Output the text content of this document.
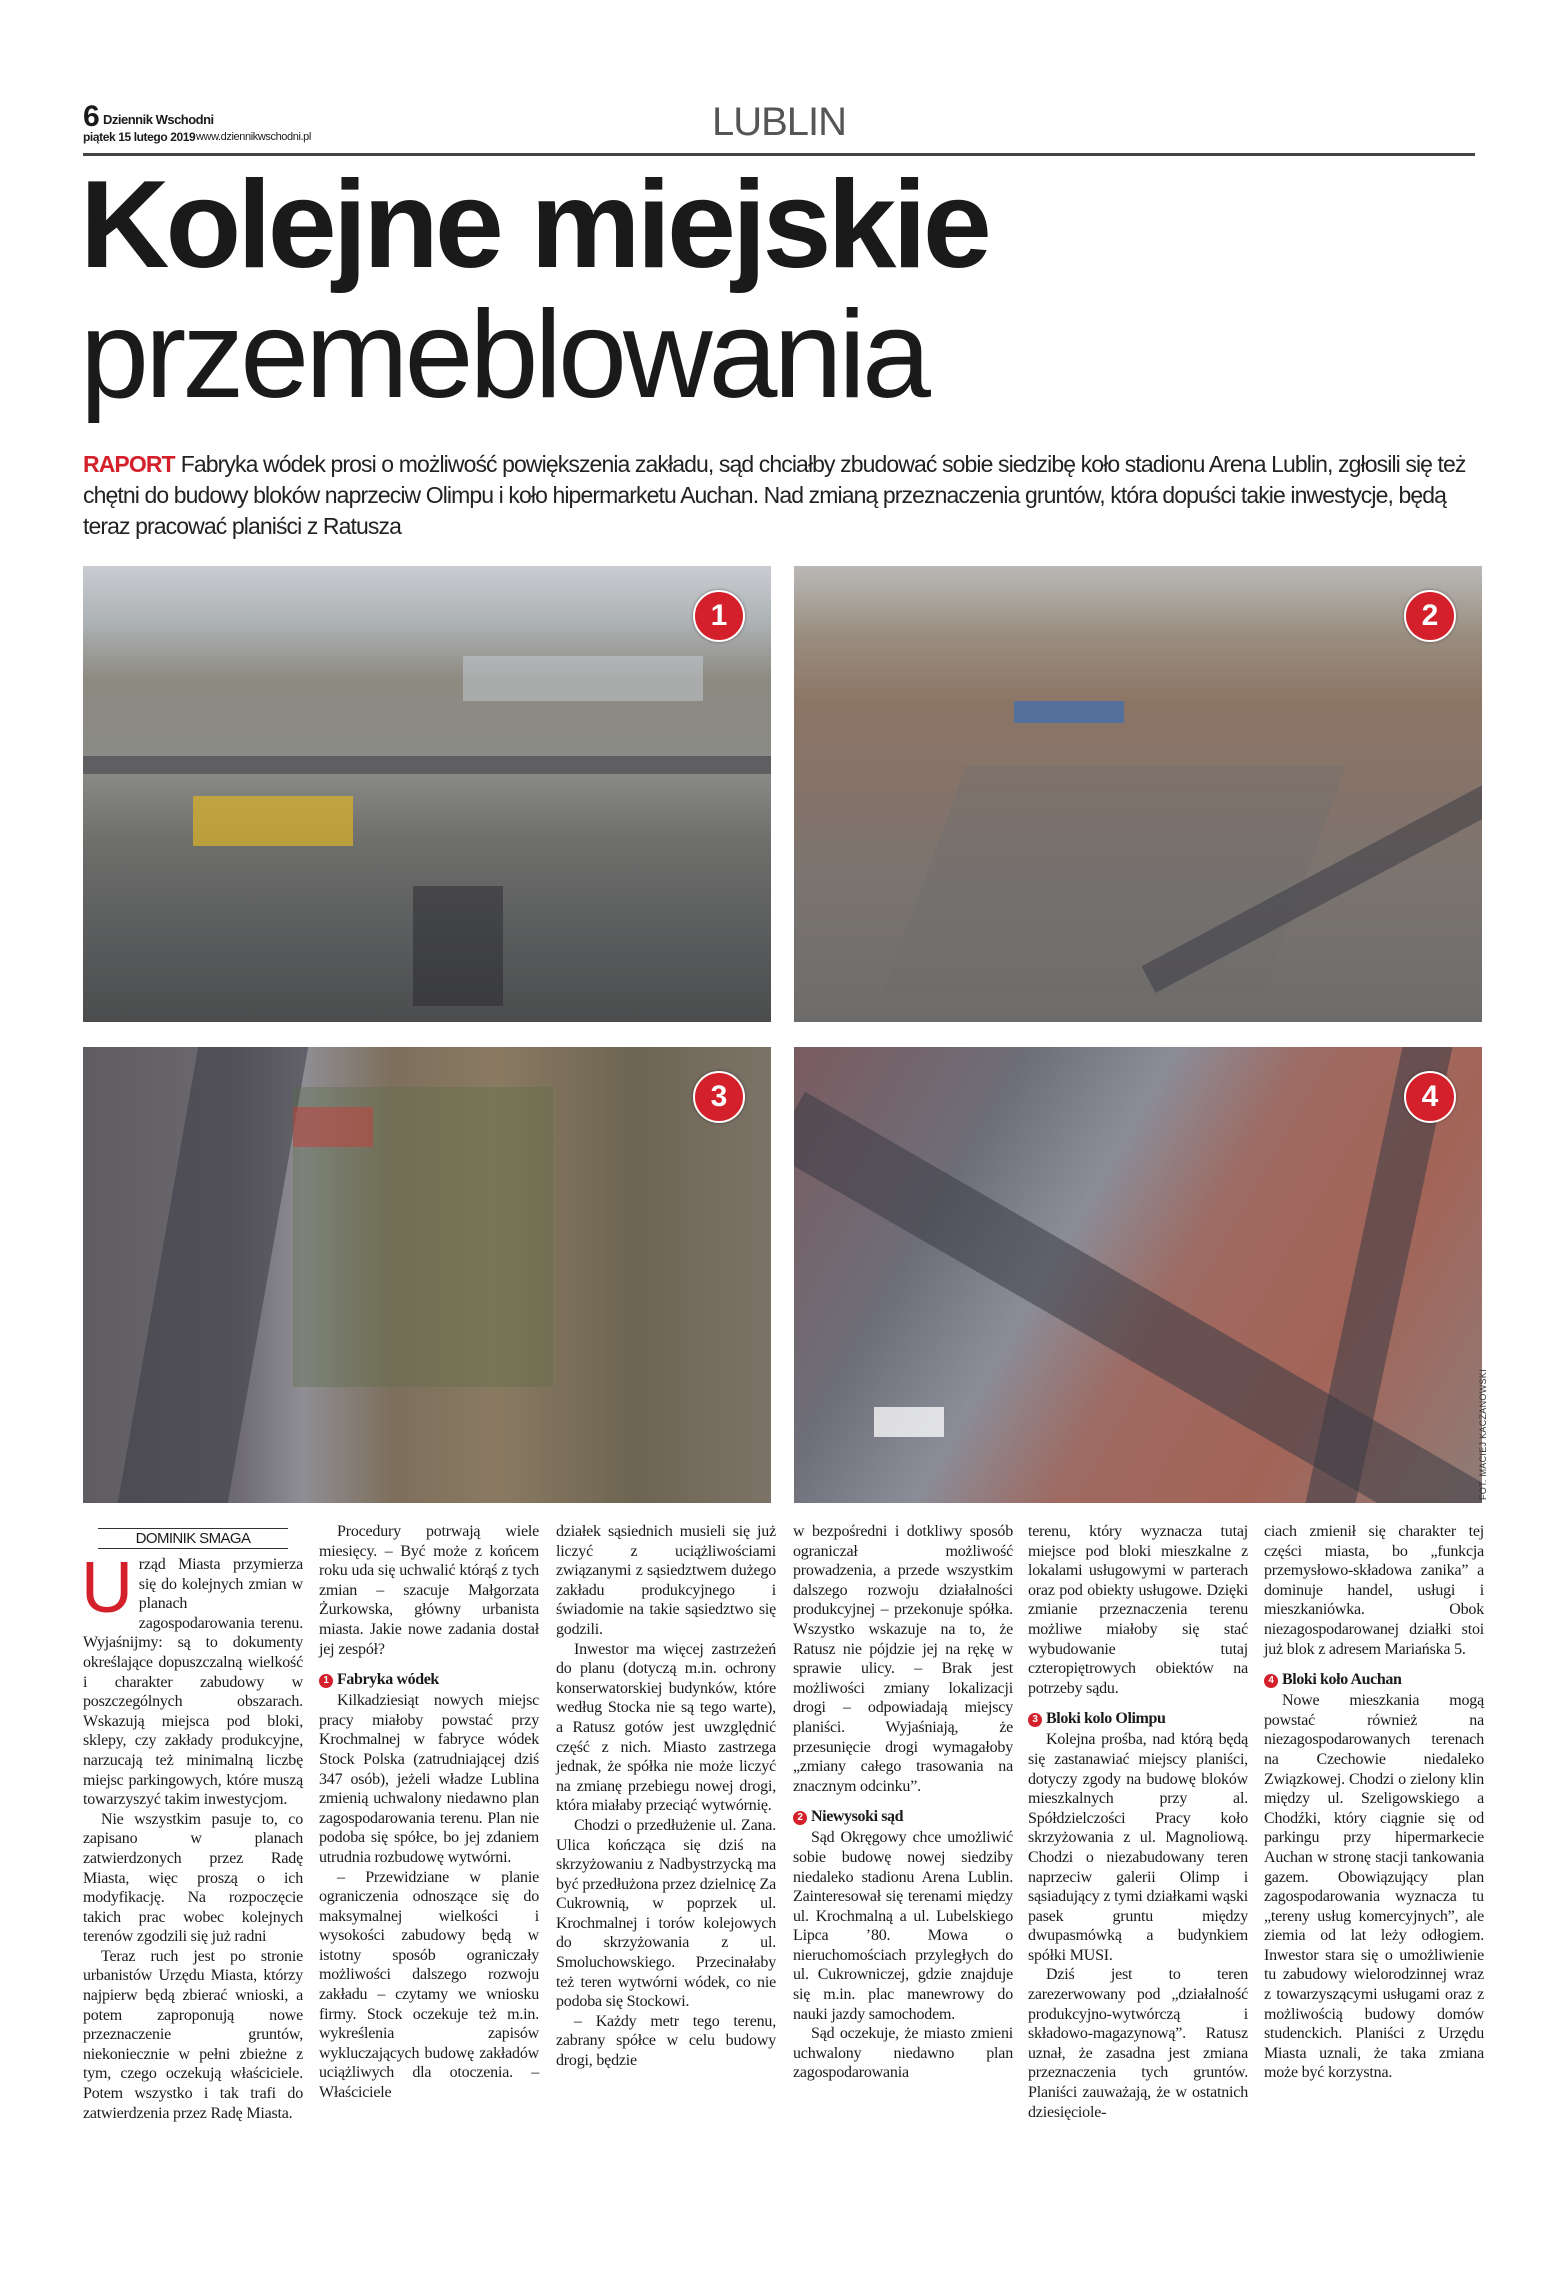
6 Dziennik Wschodni
piątek 15 lutego 2019 www.dziennikwschodni.pl	LUBLIN
Kolejne miejskie
przemeblowania
RAPORT Fabryka wódek prosi o możliwość powiększenia zakładu, sąd chciałby zbudować sobie siedzibę koło stadionu Arena Lublin, zgłosili się też chętni do budowy bloków naprzeciw Olimpu i koło hipermarketu Auchan. Nad zmianą przeznaczenia gruntów, która dopuści takie inwestycje, będą teraz pracować planiści z Ratusza
1	2
3	4
FOT. MACIEJ KACZANOWSKI
DOMINIK SMAGA
U rząd Miasta przymierza się do kolejnych zmian w planach zagospodarowania terenu. Wyjaśnijmy: są to dokumenty określające dopuszczalną wielkość i charakter zabudowy w poszczególnych obszarach. Wskazują miejsca pod bloki, sklepy, czy zakłady produkcyjne, narzucają też minimalną liczbę miejsc parkingowych, które muszą towarzyszyć takim inwestycjom.

Nie wszystkim pasuje to, co zapisano w planach zatwierdzonych przez Radę Miasta, więc proszą o ich modyfikację. Na rozpoczęcie takich prac wobec kolejnych terenów zgodzili się już radni

Teraz ruch jest po stronie urbanistów Urzędu Miasta, którzy najpierw będą zbierać wnioski, a potem zaproponują nowe przeznaczenie gruntów, niekoniecznie w pełni zbieżne z tym, czego oczekują właściciele. Potem wszystko i tak trafi do zatwierdzenia przez Radę Miasta.

Procedury potrwają wiele miesięcy. – Być może z końcem roku uda się uchwalić którąś z tych zmian – szacuje Małgorzata Żurkowska, główny urbanista miasta. Jakie nowe zadania dostał jej zespół?

1 Fabryka wódek

Kilkadziesiąt nowych miejsc pracy miałoby powstać przy Krochmalnej w fabryce wódek Stock Polska (zatrudniającej dziś 347 osób), jeżeli władze Lublina zmienią uchwalony niedawno plan zagospodarowania terenu. Plan nie podoba się spółce, bo jej zdaniem utrudnia rozbudowę wytwórni.

– Przewidziane w planie ograniczenia odnoszące się do maksymalnej wielkości i wysokości zabudowy będą w istotny sposób ograniczały możliwości dalszego rozwoju zakładu – czytamy we wniosku firmy. Stock oczekuje też m.in. wykreślenia zapisów wykluczających budowę zakładów uciążliwych dla otoczenia. – Właściciele

działek sąsiednich musieli się już liczyć z uciążliwościami związanymi z sąsiedztwem dużego zakładu produkcyjnego i świadomie na takie sąsiedztwo się godzili.

Inwestor ma więcej zastrzeżeń do planu (dotyczą m.in. ochrony konserwatorskiej budynków, które według Stocka nie są tego warte), a Ratusz gotów jest uwzględnić część z nich. Miasto zastrzega jednak, że spółka nie może liczyć na zmianę przebiegu nowej drogi, która miałaby przeciąć wytwórnię.

Chodzi o przedłużenie ul. Zana. Ulica kończąca się dziś na skrzyżowaniu z Nadbystrzycką ma być przedłużona przez dzielnicę Za Cukrownią, w poprzek ul. Krochmalnej i torów kolejowych do skrzyżowania z ul. Smoluchowskiego. Przecinałaby też teren wytwórni wódek, co nie podoba się Stockowi.

– Każdy metr tego terenu, zabrany spółce w celu budowy drogi, będzie

w bezpośredni i dotkliwy sposób ograniczał możliwość prowadzenia, a przede wszystkim dalszego rozwoju działalności produkcyjnej – przekonuje spółka. Wszystko wskazuje na to, że Ratusz nie pójdzie jej na rękę w sprawie ulicy. – Brak jest możliwości zmiany lokalizacji drogi – odpowiadają miejscy planiści. Wyjaśniają, że przesunięcie drogi wymagałoby „zmiany całego trasowania na znacznym odcinku”.

2 Niewysoki sąd

Sąd Okręgowy chce umożliwić sobie budowę nowej siedziby niedaleko stadionu Arena Lublin. Zainteresował się terenami między ul. Krochmalną a ul. Lubelskiego Lipca ’80. Mowa o nieruchomościach przyległych do ul. Cukrowniczej, gdzie znajduje się m.in. plac manewrowy do nauki jazdy samochodem.

Sąd oczekuje, że miasto zmieni uchwalony niedawno plan zagospodarowania

terenu, który wyznacza tutaj miejsce pod bloki mieszkalne z lokalami usługowymi w parterach oraz pod obiekty usługowe. Dzięki zmianie przeznaczenia terenu możliwe miałoby się stać wybudowanie tutaj czteropiętrowych obiektów na potrzeby sądu.

3 Bloki kolo Olimpu

Kolejna prośba, nad którą będą się zastanawiać miejscy planiści, dotyczy zgody na budowę bloków mieszkalnych przy al. Spółdzielczości Pracy koło skrzyżowania z ul. Magnoliową. Chodzi o niezabudowany teren naprzeciw galerii Olimp i sąsiadujący z tymi działkami wąski pasek gruntu między dwupasmówką a budynkiem spółki MUSI.

Dziś jest to teren zarezerwowany pod „działalność produkcyjno-wytwórczą i składowo-magazynową”. Ratusz uznał, że zasadna jest zmiana przeznaczenia tych gruntów. Planiści zauważają, że w ostatnich dziesięciole-

ciach zmienił się charakter tej części miasta, bo „funkcja przemysłowo-składowa zanika” a dominuje handel, usługi i mieszkaniówka. Obok niezagospodarowanej działki stoi już blok z adresem Mariańska 5.

4 Bloki koło Auchan

Nowe mieszkania mogą powstać również na niezagospodarowanych terenach na Czechowie niedaleko Związkowej. Chodzi o zielony klin między ul. Szeligowskiego a Chodźki, który ciągnie się od parkingu przy hipermarkecie Auchan w stronę stacji tankowania gazem. Obowiązujący plan zagospodarowania wyznacza tu „tereny usług komercyjnych”, ale ziemia od lat leży odłogiem. Inwestor stara się o umożliwienie tu zabudowy wielorodzinnej wraz z towarzyszącymi usługami oraz z możliwością budowy domów studenckich. Planiści z Urzędu Miasta uznali, że taka zmiana może być korzystna.
